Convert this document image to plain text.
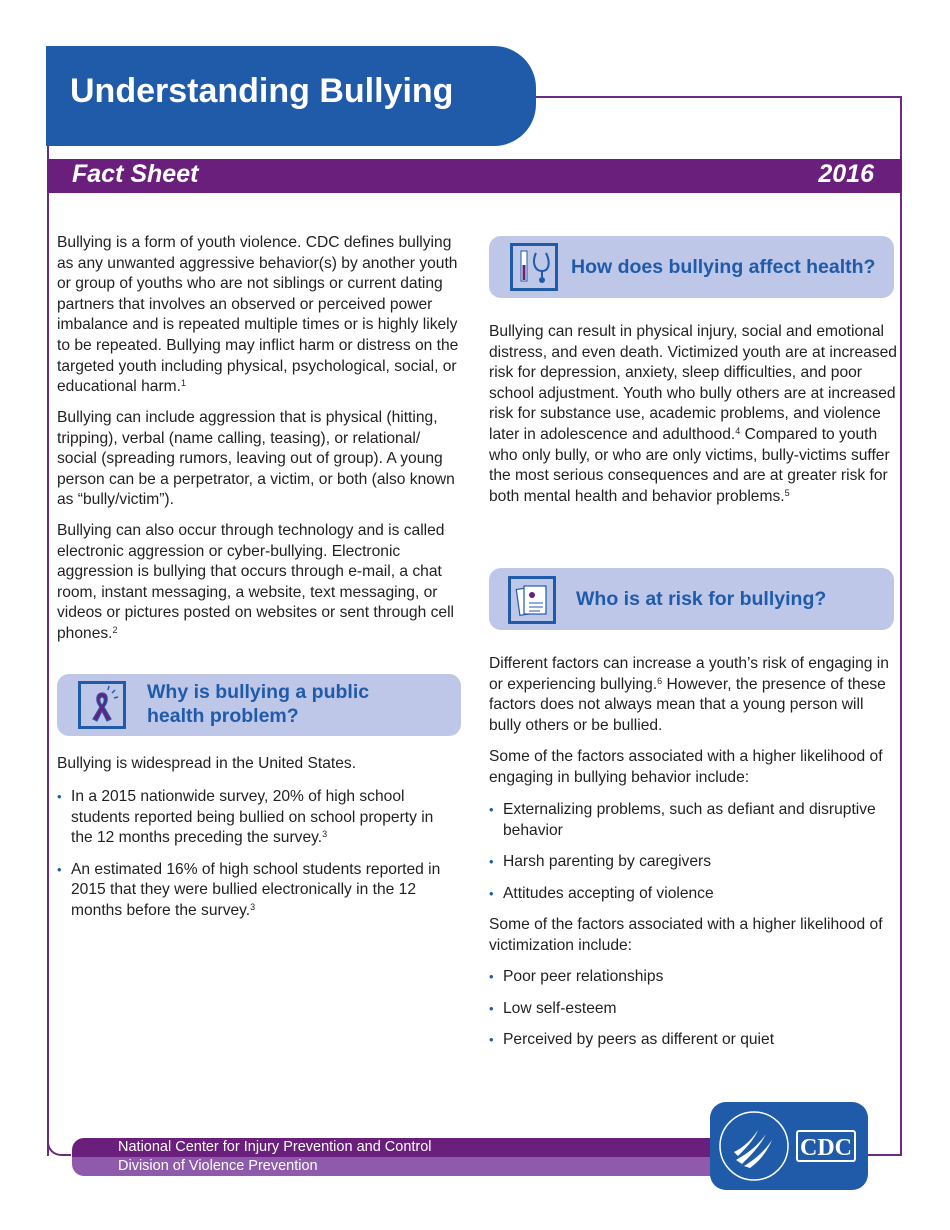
Understanding Bullying
Fact Sheet	2016

Bullying is a form of youth violence. CDC defines bullying as any unwanted aggressive behavior(s) by another youth or group of youths who are not siblings or current dating partners that involves an observed or perceived power imbalance and is repeated multiple times or is highly likely to be repeated. Bullying may inflict harm or distress on the targeted youth including physical, psychological, social, or educational harm.$^1$

Bullying can include aggression that is physical (hitting, tripping), verbal (name calling, teasing), or relational/ social (spreading rumors, leaving out of group). A young person can be a perpetrator, a victim, or both (also known as “bully/victim”).

Bullying can also occur through technology and is called electronic aggression or cyber-bullying. Electronic aggression is bullying that occurs through e-mail, a chat room, instant messaging, a website, text messaging, or videos or pictures posted on websites or sent through cell phones.$^2$

Why is bullying a public
health problem?

Bullying is widespread in the United States.

• In a 2015 nationwide survey, 20% of high school students reported being bullied on school property in the 12 months preceding the survey.$^3$
• An estimated 16% of high school students reported in 2015 that they were bullied electronically in the 12 months before the survey.$^3$
How does bullying affect health?

Bullying can result in physical injury, social and emotional distress, and even death. Victimized youth are at increased risk for depression, anxiety, sleep difficulties, and poor school adjustment. Youth who bully others are at increased risk for substance use, academic problems, and violence later in adolescence and adulthood.$^4$ Compared to youth who only bully, or who are only victims, bully-victims suffer the most serious consequences and are at greater risk for both mental health and behavior problems.$^5$

Who is at risk for bullying?

Different factors can increase a youth’s risk of engaging in or experiencing bullying.$^6$ However, the presence of these factors does not always mean that a young person will bully others or be bullied.

Some of the factors associated with a higher likelihood of engaging in bullying behavior include:

• Externalizing problems, such as defiant and disruptive behavior
• Harsh parenting by caregivers
• Attitudes accepting of violence

Some of the factors associated with a higher likelihood of victimization include:

• Poor peer relationships
• Low self-esteem
• Perceived by peers as different or quiet
National Center for Injury Prevention and Control
Division of Violence Prevention
CDC
